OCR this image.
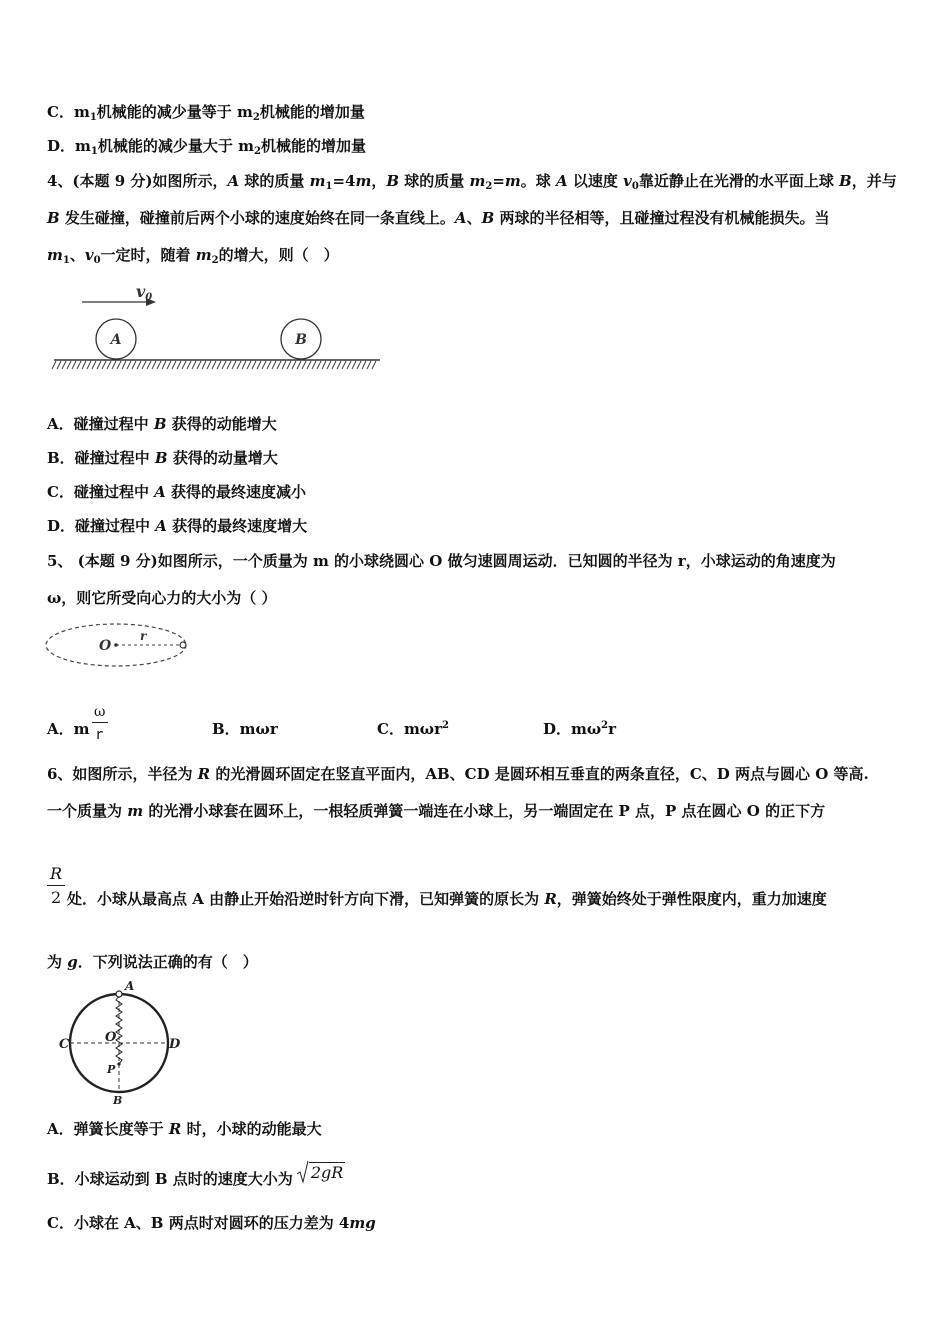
C．$m_1$机械能的减少量等于 $m_2$机械能的增加量
D．$m_1$机械能的减少量大于 $m_2$机械能的增加量
4、(本题 9 分)如图所示，A 球的质量 $m_1=4m$，B 球的质量 $m_2=m$。球 A 以速度 $v_0$靠近静止在光滑的水平面上球 B，并与
B 发生碰撞，碰撞前后两个小球的速度始终在同一条直线上。A、B 两球的半径相等，且碰撞过程没有机械能损失。当
$m_1$、$v_0$一定时，随着 $m_2$的增大，则（　）
v0
A	B
A．碰撞过程中 B 获得的动能增大
B．碰撞过程中 B 获得的动量增大
C．碰撞过程中 A 获得的最终速度减小
D．碰撞过程中 A 获得的最终速度增大
5、 (本题 9 分)如图所示，一个质量为 m 的小球绕圆心 O 做匀速圆周运动．已知圆的半径为 r，小球运动的角速度为
ω，则它所受向心力的大小为（ ）
O
r
A．m
ω
r	B．mωr	C．mωr$^2$	D．$m\omega^2r$
6、如图所示，半径为 R 的光滑圆环固定在竖直平面内，AB、CD 是圆环相互垂直的两条直径，C、D 两点与圆心 O 等高.
一个质量为 m 的光滑小球套在圆环上，一根轻质弹簧一端连在小球上，另一端固定在 P 点，P 点在圆心 O 的正下方
R
2 处．小球从最高点 A 由静止开始沿逆时针方向下滑，已知弹簧的原长为 R，弹簧始终处于弹性限度内，重力加速度
为 g．下列说法正确的有（　）
A
B
C	D
O
P
A．弹簧长度等于 R 时，小球的动能最大
B．小球运动到 B 点时的速度大小为 2gR
C．小球在 A、B 两点时对圆环的压力差为 4mg
